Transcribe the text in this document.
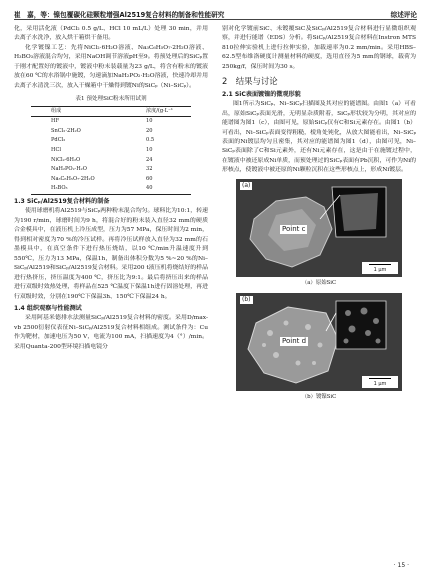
崔　嘉，等：镍包覆碳化硅颗粒增强Al2519复合材料的制备和性能研究	综述评论

化，采用活化液（PdCl₂ 0.5 g/L、HCl 10 mL/L）处理 30 min，并用去离子水洗净，放入烘干箱烘干备用。

化学镀镍工艺：先将NiCl₂·6H₂O溶液、Na₃C₆H₅O₇·2H₂O溶液、H₃BO₃溶液混合均匀，采用NaOH调节溶液pH至9。将预处理后的SiCₚ置于刚才配置好的镀液中，镀液中粉末装载量为23 g/L，将含有粉末的镀液放在60 ℃的水浴锅中施镀，匀速滴加NaH₂PO₂·H₂O溶液，快速冷却并用去离子水清洗三次，放入干燥箱中干燥得到镀Ni的SiCₚ（Ni–SiCₚ）。

表1 预处理SiC粉末所用试剂
组成	浓度/(g·L⁻¹
HF	10
SnCl₂·2H₂O	20
PdCl₂	0.5
HCl	10
NiCl₂·6H₂O	24
NaH₂PO₂·H₂O	32
Na₃C₆H₅O₇·2H₂O	60
H₃BO₃	40
1.3 SiCₚ/Al2519复合材料的制备

使用球磨机将Al2519与SiCₚ两种粉末混合均匀。球料比为10:1，转速为190 r/min，球磨时间为9 h，将混合好的粉末装入直径32 mm的硬质合金模具中，在液压机上冷压成型，压力为57 MPa，保压时间为2 min，得到相对密度为70 %的冷压试样。再将冷压试样放入直径为32 mm的石墨模具中，在真空条件下进行热压烧结，以10 ℃/min升温速度升到550℃，压力为13 MPa，保温1h，制备出体积分数为5 %~20 %的Ni–SiCₚ/Al2519和SiCₚ/Al2519复合材料。采用200 t液压机将烧结好的样品进行热挤压，挤压温度为400 ℃，挤压比为9:1。最后将挤压出来的样品进行双级时效热处理，将样品在525 ℃温度下保温1h进行固溶处理，再进行双级时效，分别在190℃下保温3h、150℃下保温24 h。

1.4 组织观察与性能测试

采用阿基米德排水法测量SiCₚ/Al2519复合材料的密度。采用D/max-vb 2500衍射仪表征Ni–SiCₚ/Al2519复合材料相组成。测试条件为：Cu作为靶材，加速电压为50 V，电流为100 mA，扫描速度为4（°）/min。采用Quanta-200型环境扫描电镜分

别对化学镀前SiC、未镀覆SiC及SiCₚ/Al2519复合材料进行显微组织观察，并进行能谱（EDS）分析。将SiCₚ/Al2519复合材料在Instron MTS 810拉伸实验机上进行拉伸实验，加载速率为0.2 mm/min。采用HBS–62.5型布维洛硬度计测量材料的硬度，选用直径为5 mm的钢球，载荷为250kg/f，保压时间为30 s。

2　结果与讨论
2.1 SiC表面镀镍的微观形貌

图1所示为SiCₚ、Ni–SiCₚ扫描图及其对应的能谱图。由图1（a）可看出，原始SiCₚ表面光滑，无明显杂质附着，SiCₚ形状较为分明，其对应的能谱图为图1（c），由图可见，原始SiCₚ仅有C和Si元素存在。由图1（b）可看出，Ni–SiCₚ表面变得粗糙，棱角处钝化，从放大图能看出，Ni–SiCₚ表面的Ni镀层均匀且密集，其对应的能谱图为图1（d），由图可见，Ni–SiCₚ表面除了C和Si元素外，还有Ni元素存在，这是由于在施镀过程中，在镀液中被还原成Ni单质，而预处理过的SiCₚ表面有Pb沉积，可作为Ni的形核点，使镀液中被还原的Ni颗粒沉积在这些形核点上，形成Ni镀层。

(a)
Point c
1 μm
（a）原始SiC
(b)
Point d
1 μm
（b）镀镍SiC
· 15 ·
